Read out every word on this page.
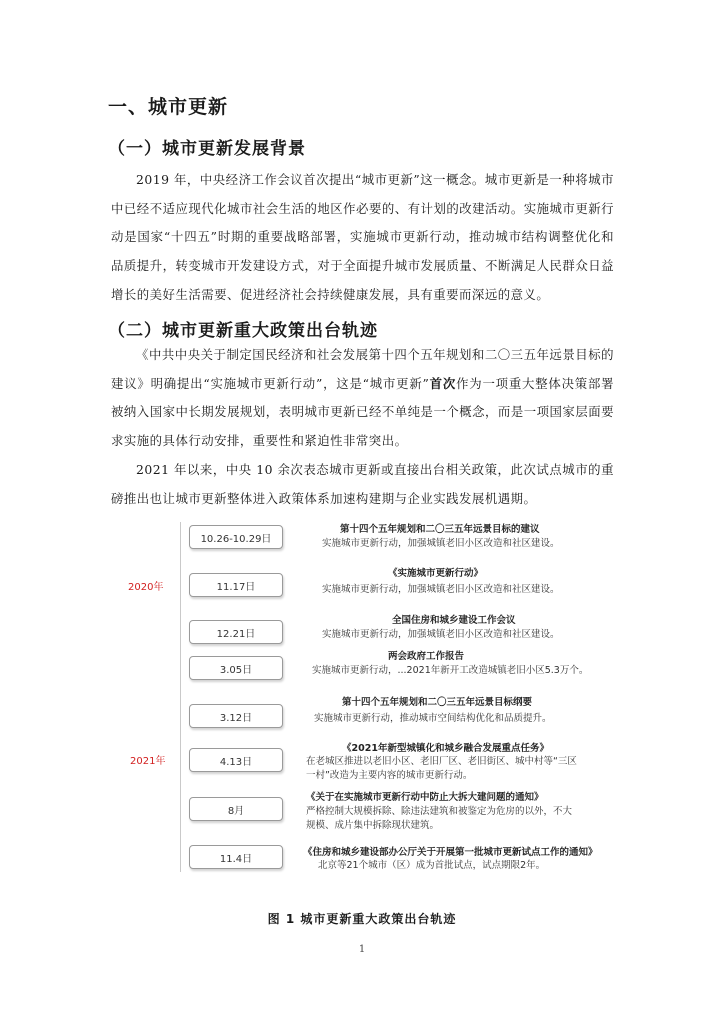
一、城市更新
（一）城市更新发展背景
2019 年，中央经济工作会议首次提出“城市更新”这一概念。城市更新是一种将城市中已经不适应现代化城市社会生活的地区作必要的、有计划的改建活动。实施城市更新行动是国家“十四五”时期的重要战略部署，实施城市更新行动，推动城市结构调整优化和品质提升，转变城市开发建设方式，对于全面提升城市发展质量、不断满足人民群众日益增长的美好生活需要、促进经济社会持续健康发展，具有重要而深远的意义。
（二）城市更新重大政策出台轨迹
《中共中央关于制定国民经济和社会发展第十四个五年规划和二〇三五年远景目标的建议》明确提出“实施城市更新行动”，这是“城市更新”首次作为一项重大整体决策部署被纳入国家中长期发展规划，表明城市更新已经不单纯是一个概念，而是一项国家层面要求实施的具体行动安排，重要性和紧迫性非常突出。
2021 年以来，中央 10 余次表态城市更新或直接出台相关政策，此次试点城市的重磅推出也让城市更新整体进入政策体系加速构建期与企业实践发展机遇期。
2020年
2021年
10.26-10.29日
第十四个五年规划和二〇三五年远景目标的建议
实施城市更新行动，加强城镇老旧小区改造和社区建设。
11.17日
《实施城市更新行动》
实施城市更新行动，加强城镇老旧小区改造和社区建设。
12.21日
全国住房和城乡建设工作会议
实施城市更新行动，加强城镇老旧小区改造和社区建设。
3.05日
两会政府工作报告
实施城市更新行动，...2021年新开工改造城镇老旧小区5.3万个。
3.12日
第十四个五年规划和二〇三五年远景目标纲要
实施城市更新行动，推动城市空间结构优化和品质提升。
4.13日
《2021年新型城镇化和城乡融合发展重点任务》
在老城区推进以老旧小区、老旧厂区、老旧街区、城中村等“三区一村”改造为主要内容的城市更新行动。
8月
《关于在实施城市更新行动中防止大拆大建问题的通知》
严格控制大规模拆除、除违法建筑和被鉴定为危房的以外，不大规模、成片集中拆除现状建筑。
11.4日
《住房和城乡建设部办公厅关于开展第一批城市更新试点工作的通知》
北京等21个城市（区）成为首批试点，试点期限2年。
图 1 城市更新重大政策出台轨迹
1
